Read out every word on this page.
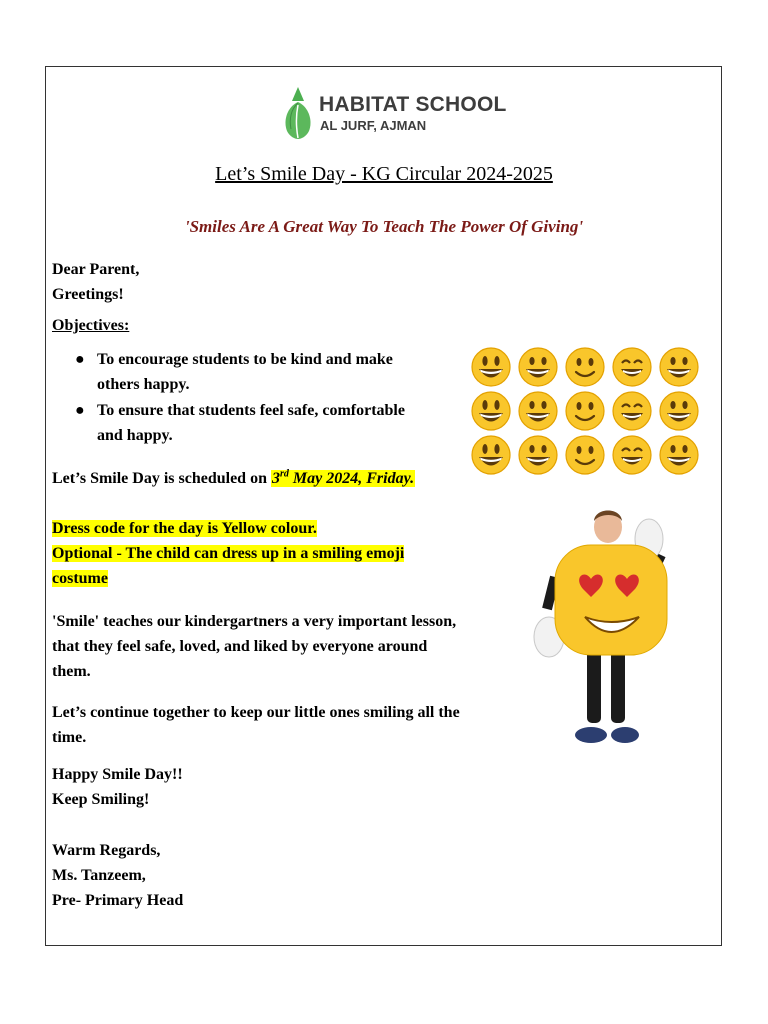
HABITAT SCHOOL
AL JURF, AJMAN
Let’s Smile Day - KG Circular 2024-2025
'Smiles Are A Great Way To Teach The Power Of Giving'
Dear Parent,
Greetings!
Objectives:
● To encourage students to be kind and make
others happy.
● To ensure that students feel safe, comfortable
and happy.
Let’s Smile Day is scheduled on 3rd May 2024, Friday.
Dress code for the day is Yellow colour.
Optional - The child can dress up in a smiling emoji
costume
'Smile' teaches our kindergartners a very important lesson,
that they feel safe, loved, and liked by everyone around
them.
Let’s continue together to keep our little ones smiling all the
time.
Happy Smile Day!!
Keep Smiling!
Warm Regards,
Ms. Tanzeem,
Pre- Primary Head
